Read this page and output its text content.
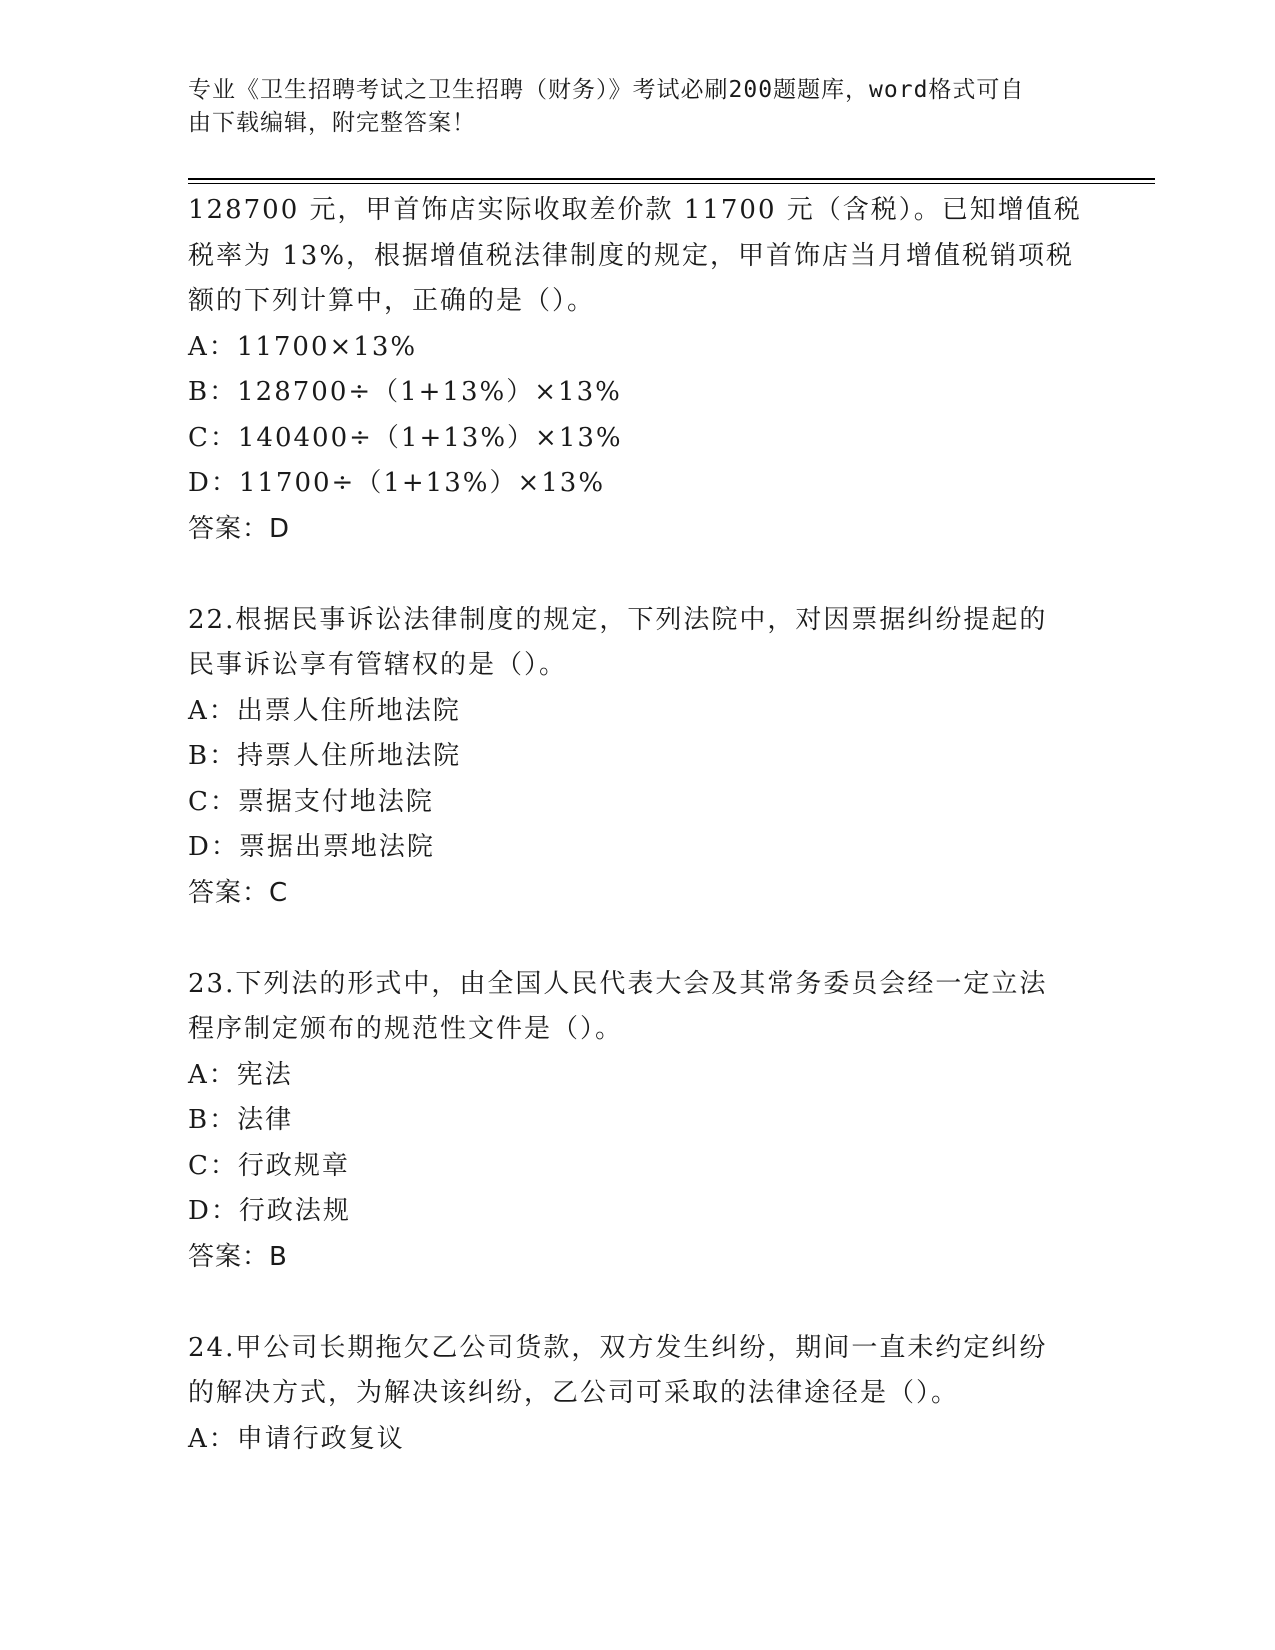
专业《卫生招聘考试之卫生招聘（财务）》考试必刷200题题库，word格式可自
由下载编辑，附完整答案！
128700 元，甲首饰店实际收取差价款 11700 元（含税）。已知增值税
税率为 13%，根据增值税法律制度的规定，甲首饰店当月增值税销项税
额的下列计算中，正确的是（）。
A：11700×13%
B：128700÷（1+13%）×13%
C：140400÷（1+13%）×13%
D：11700÷（1+13%）×13%
答案：D
22.根据民事诉讼法律制度的规定，下列法院中，对因票据纠纷提起的
民事诉讼享有管辖权的是（）。
A：出票人住所地法院
B：持票人住所地法院
C：票据支付地法院
D：票据出票地法院
答案：C
23.下列法的形式中，由全国人民代表大会及其常务委员会经一定立法
程序制定颁布的规范性文件是（）。
A：宪法
B：法律
C：行政规章
D：行政法规
答案：B
24.甲公司长期拖欠乙公司货款，双方发生纠纷，期间一直未约定纠纷
的解决方式，为解决该纠纷，乙公司可采取的法律途径是（）。
A：申请行政复议
